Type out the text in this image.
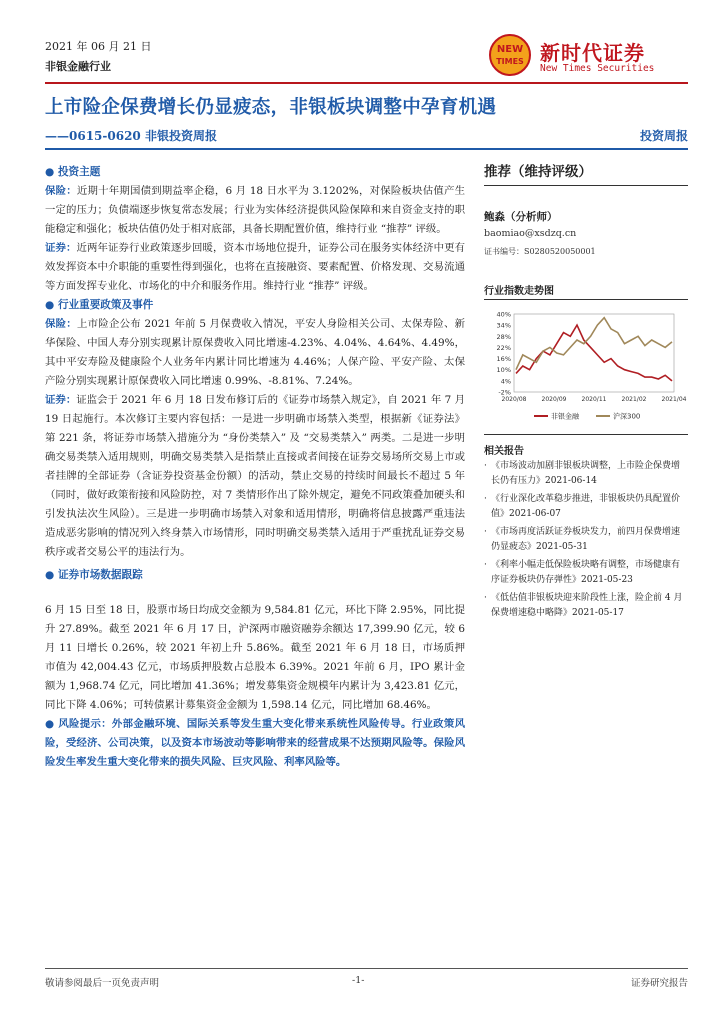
2021 年 06 月 21 日
非银金融行业
NEW
TIMES 新时代证券
New Times Securities
上市险企保费增长仍显疲态，非银板块调整中孕育机遇
——0615-0620 非银投资周报	投资周报
● 投资主题

保险：近期十年期国债到期益率企稳，6 月 18 日水平为 3.1202%，对保险板块估值产生一定的压力；负债端逐步恢复常态发展；行业为实体经济提供风险保障和来自资金支持的职能稳定和强化；板块估值仍处于相对底部，具备长期配置价值，维持行业 “推荐” 评级。

证券：近两年证券行业政策逐步回暖，资本市场地位提升，证券公司在服务实体经济中更有效发挥资本中介职能的重要性得到强化，也将在直接融资、要素配置、价格发现、交易流通等方面发挥专业化、市场化的中介和服务作用。维持行业 “推荐” 评级。

● 行业重要政策及事件

保险：上市险企公布 2021 年前 5 月保费收入情况，平安人身险相关公司、太保寿险、新华保险、中国人寿分别实现累计原保费收入同比增速-4.23%、4.04%、4.64%、4.49%，其中平安寿险及健康险个人业务年内累计同比增速为 4.46%；人保产险、平安产险、太保产险分别实现累计原保费收入同比增速 0.99%、-8.81%、7.24%。

证券：证监会于 2021 年 6 月 18 日发布修订后的《证券市场禁入规定》，自 2021 年 7 月 19 日起施行。本次修订主要内容包括：一是进一步明确市场禁入类型，根据新《证券法》第 221 条，将证券市场禁入措施分为 “身份类禁入” 及 “交易类禁入” 两类。二是进一步明确交易类禁入适用规则，明确交易类禁入是指禁止直接或者间接在证券交易场所交易上市或者挂牌的全部证券（含证券投资基金份额）的活动，禁止交易的持续时间最长不超过 5 年（同时，做好政策衔接和风险防控，对 7 类情形作出了除外规定，避免不同政策叠加硬头和引发执法次生风险）。三是进一步明确市场禁入对象和适用情形，明确将信息披露严重违法造成恶劣影响的情况列入终身禁入市场情形，同时明确交易类禁入适用于严重扰乱证券交易秩序或者交易公平的违法行为。

● 证券市场数据跟踪

6 月 15 日至 18 日，股票市场日均成交金额为 9,584.81 亿元，环比下降 2.95%，同比提升 27.89%。截至 2021 年 6 月 17 日，沪深两市融资融券余额达 17,399.90 亿元，较 6 月 11 日增长 0.26%，较 2021 年初上升 5.86%。截至 2021 年 6 月 18 日，市场质押市值为 42,004.43 亿元，市场质押股数占总股本 6.39%。2021 年前 6 月，IPO 累计金额为 1,968.74 亿元，同比增加 41.36%；增发募集资金规模年内累计为 3,423.81 亿元，同比下降 4.06%；可转债累计募集资金金额为 1,598.14 亿元，同比增加 68.46%。

● 风险提示：外部金融环境、国际关系等发生重大变化带来系统性风险传导。行业政策风险，受经济、公司决策，以及资本市场波动等影响带来的经营成果不达预期风险等。保险风险发生率发生重大变化带来的损失风险、巨灾风险、利率风险等。

推荐（维持评级）
鲍淼（分析师）
baomiao@xsdzq.cn
证书编号：S0280520050001
行业指数走势图
40%
34%
28%
22%
16%
10%
4%
-2%
2020/08	2020/09	2020/11	2021/02	2021/04
非银金融	沪深300
相关报告
· 《市场波动加剧非银板块调整，上市险企保费增长仍有压力》2021-06-14
· 《行业深化改革稳步推进，非银板块仍具配置价值》2021-06-07
· 《市场再度活跃证券板块发力，前四月保费增速仍显疲态》2021-05-31
· 《利率小幅走低保险板块略有调整，市场健康有序证券板块仍存弹性》2021-05-23
· 《低估值非银板块迎来阶段性上涨，险企前 4 月保费增速稳中略降》2021-05-17
敬请参阅最后一页免责声明	-1-	证券研究报告
